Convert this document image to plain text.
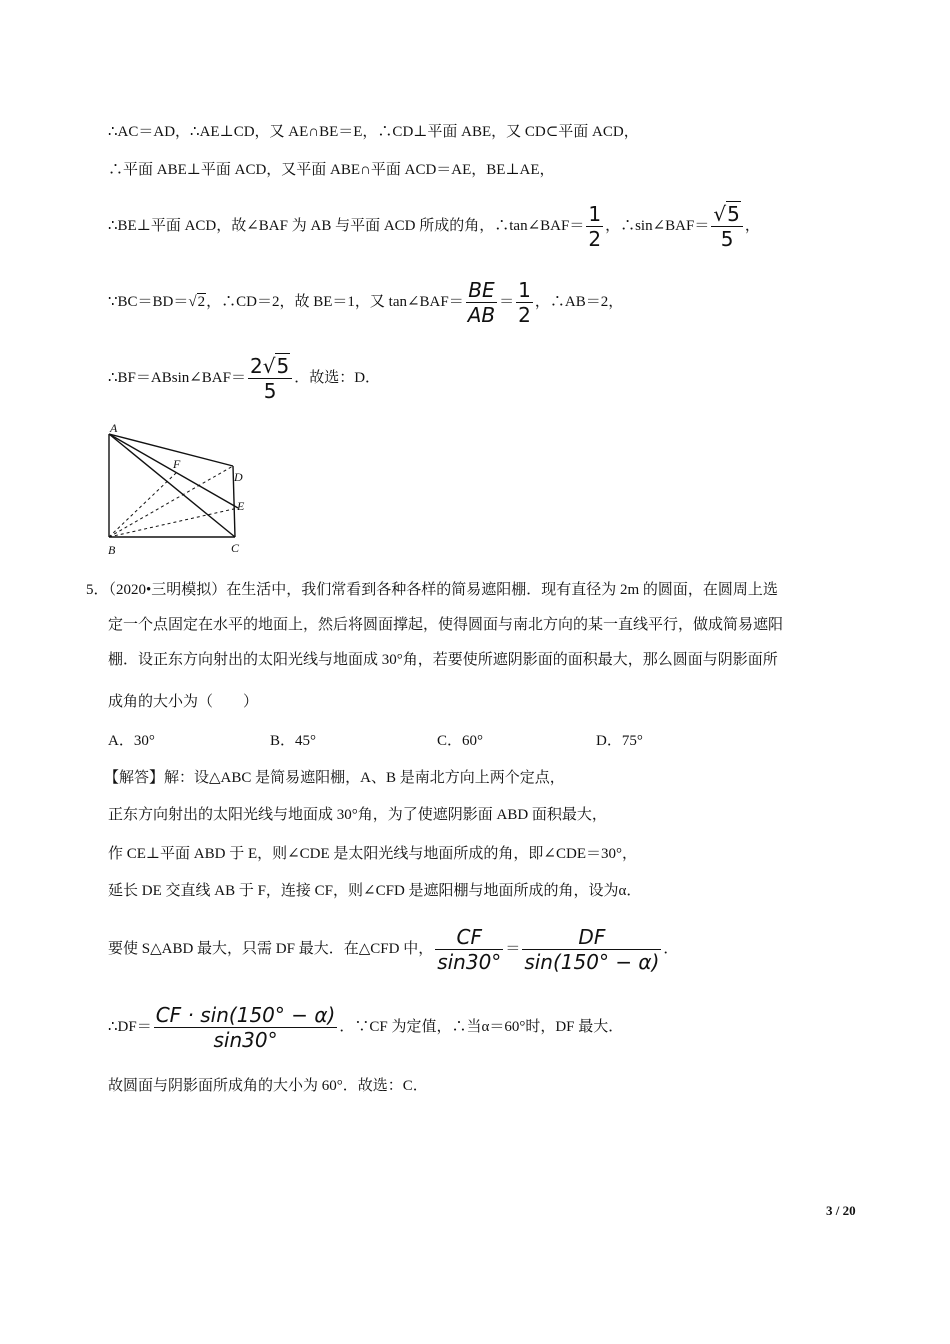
∴AC＝AD，∴AE⊥CD，又 AE∩BE＝E，∴CD⊥平面 ABE，又 CD⊂平面 ACD，
∴平面 ABE⊥平面 ACD，又平面 ABE∩平面 ACD＝AE，BE⊥AE，
∴BE⊥平面 ACD，故∠BAF 为 AB 与平面 ACD 所成的角，∴tan∠BAF＝ $\frac{1}{2}$ ，∴sin∠BAF＝ $\frac{√5}{5}$ ，
∵BC＝BD＝√2，∴CD＝2，故 BE＝1，又 tan∠BAF＝ $\frac{BE}{AB} = \frac{1}{2}$ ，∴AB＝2，
∴BF＝ABsin∠BAF＝ $\frac{2√5}{5}$ ．故选：D．
A
B	C
D
E
F
5．（2020•三明模拟）在生活中，我们常看到各种各样的简易遮阳棚．现有直径为 2m 的圆面，在圆周上选
定一个点固定在水平的地面上，然后将圆面撑起，使得圆面与南北方向的某一直线平行，做成简易遮阳
棚．设正东方向射出的太阳光线与地面成 30°角，若要使所遮阴影面的面积最大，那么圆面与阴影面所
成角的大小为（　　）
A．30°	B．45°	C．60°	D．75°
【解答】解：设△ABC 是简易遮阳棚，A、B 是南北方向上两个定点，
正东方向射出的太阳光线与地面成 30°角，为了使遮阴影面 ABD 面积最大，
作 CE⊥平面 ABD 于 E，则∠CDE 是太阳光线与地面所成的角，即∠CDE＝30°，
延长 DE 交直线 AB 于 F，连接 CF，则∠CFD 是遮阳棚与地面所成的角，设为α．
要使 S△ABD 最大，只需 DF 最大．在△CFD 中， $\frac{CF}{\sin 30^\circ} = \frac{DF}{\sin(150^\circ - \alpha)}$ ．
∴DF＝ $\frac{CF \cdot \sin(150^\circ - \alpha)}{\sin 30^\circ}$ ．∵CF 为定值，∴当α＝60°时，DF 最大．
故圆面与阴影面所成角的大小为 60°．故选：C．
3 / 20
